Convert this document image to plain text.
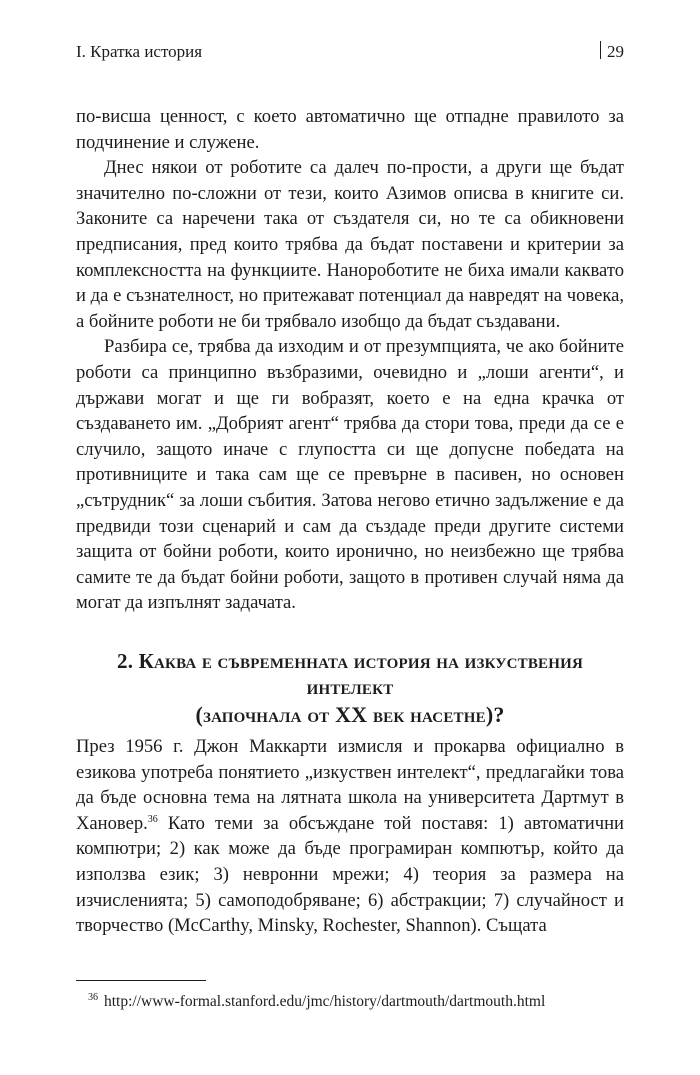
I. Кратка история	29

по-висша ценност, с което автоматично ще отпадне правилото за подчинение и служене.

Днес някои от роботите са далеч по-прости, а други ще бъдат значително по-сложни от тези, които Азимов описва в книгите си. Законите са наречени така от създателя си, но те са обикновени предписания, пред които трябва да бъдат поставени и критерии за комплексността на функциите. Нанороботите не биха имали каквато и да е съзнателност, но притежават потенциал да навредят на човека, а бойните роботи не би трябвало изобщо да бъдат създавани.

Разбира се, трябва да изходим и от презумпцията, че ако бойните роботи са принципно възбразими, очевидно и „лоши агенти“, и държави могат и ще ги вобразят, което е на една крачка от създаването им. „Добрият агент“ трябва да стори това, преди да се е случило, защото иначе с глупостта си ще допусне победата на противниците и така сам ще се превърне в пасивен, но основен „сътрудник“ за лоши събития. Затова негово етично задължение е да предвиди този сценарий и сам да създаде преди другите системи защита от бойни роботи, които иронично, но неизбежно ще трябва самите те да бъдат бойни роботи, защото в противен случай няма да могат да изпълнят задачата.

2. Каква е съвременната история на изкуствения
интелект
(започнала от XX век насетне)?

През 1956 г. Джон Маккарти измисля и прокарва официално в езикова употреба понятието „изкуствен интелект“, предлагайки това да бъде основна тема на лятната школа на университета Дартмут в Хановер.$^{36}$ Като теми за обсъждане той поставя: 1) автоматични компютри; 2) как може да бъде програмиран компютър, който да използва език; 3) невронни мрежи; 4) теория за размера на изчисленията; 5) самоподобряване; 6) абстракции; 7) случайност и творчество (McCarthy, Minsky, Rochester, Shannon). Същата

$^{36}$ http://www-formal.stanford.edu/jmc/history/dartmouth/dartmouth.html
